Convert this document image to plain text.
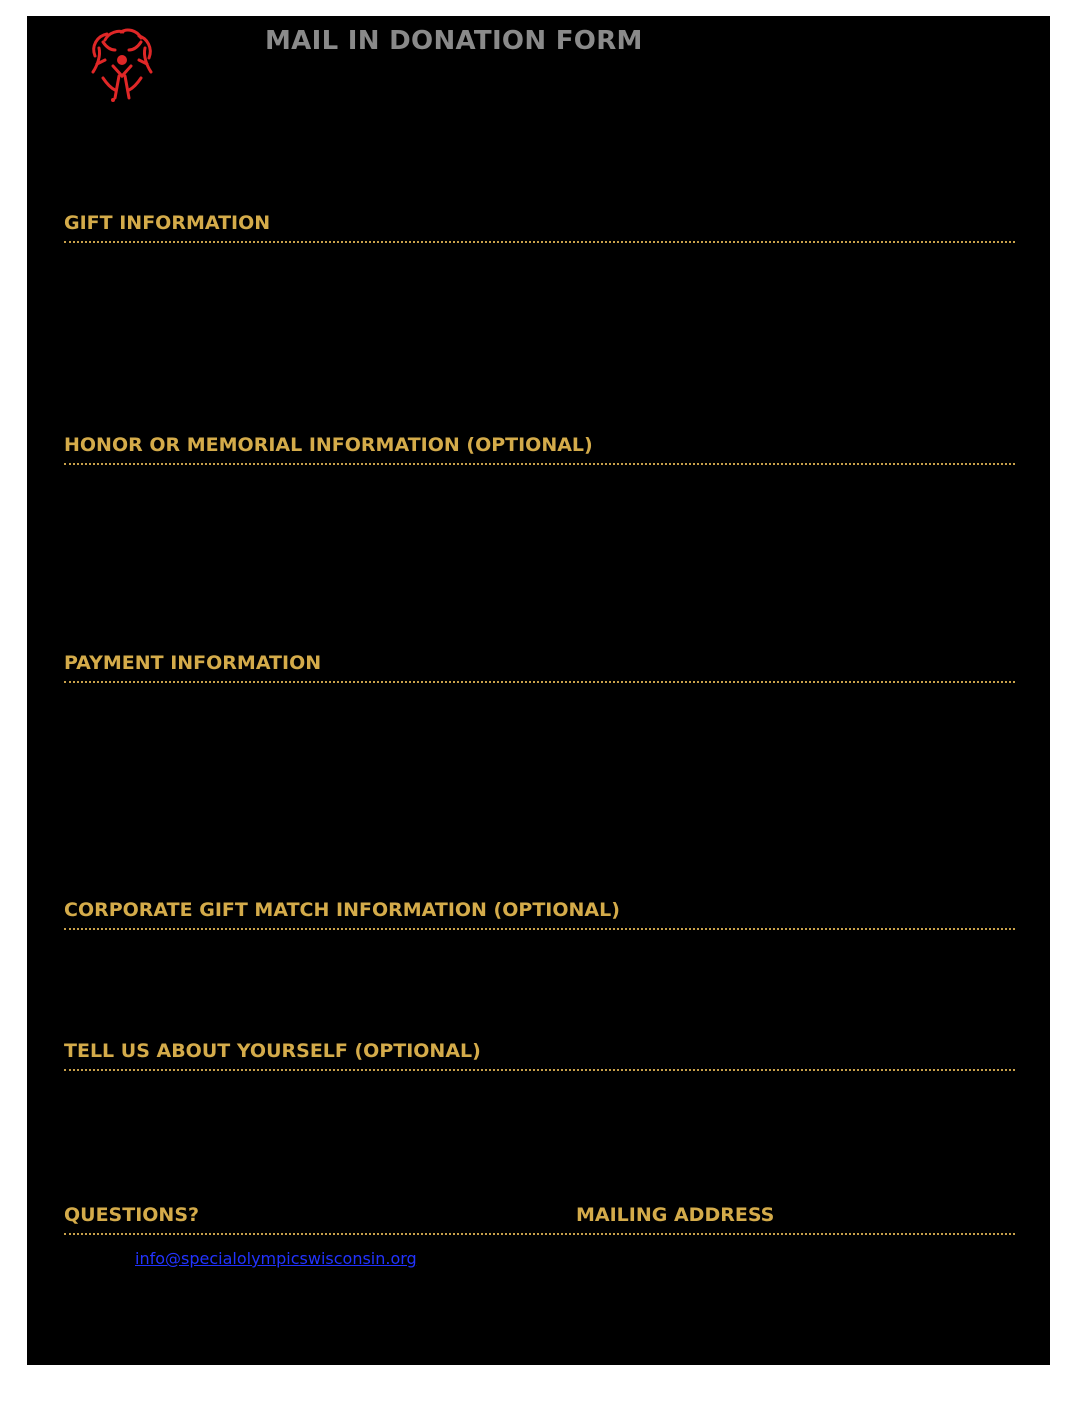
MAIL IN DONATION FORM
GIFT INFORMATION
HONOR OR MEMORIAL INFORMATION (OPTIONAL)
PAYMENT INFORMATION
CORPORATE GIFT MATCH INFORMATION (OPTIONAL)
TELL US ABOUT YOURSELF (OPTIONAL)
QUESTIONS?	MAILING ADDRESS
info@specialolympicswisconsin.org
